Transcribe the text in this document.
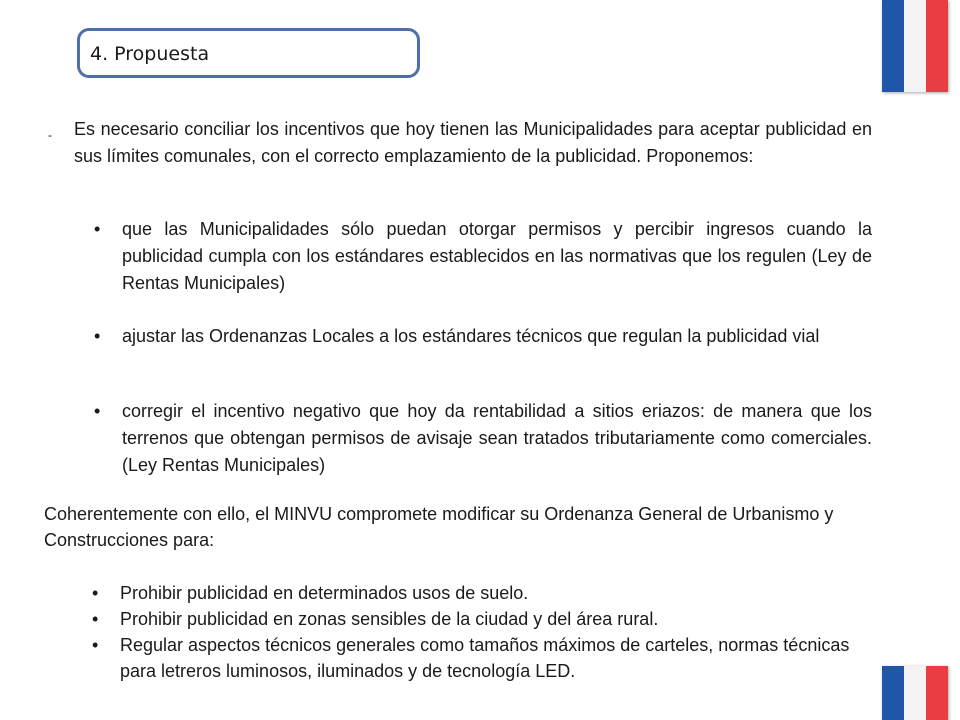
4. Propuesta
- Es necesario conciliar los incentivos que hoy tienen las Municipalidades para aceptar publicidad en sus límites comunales, con el correcto emplazamiento de la publicidad. Proponemos:

• que las Municipalidades sólo puedan otorgar permisos y percibir ingresos cuando la publicidad cumpla con los estándares establecidos en las normativas que los regulen (Ley de Rentas Municipales)

• ajustar las Ordenanzas Locales a los estándares técnicos que regulan la publicidad vial

• corregir el incentivo negativo que hoy da rentabilidad a sitios eriazos: de manera que los terrenos que obtengan permisos de avisaje sean tratados tributariamente como comerciales. (Ley Rentas Municipales)

Coherentemente con ello, el MINVU compromete modificar su Ordenanza General de Urbanismo y Construcciones para:

• Prohibir publicidad en determinados usos de suelo.

• Prohibir publicidad en zonas sensibles de la ciudad y del área rural.

• Regular aspectos técnicos generales como tamaños máximos de carteles, normas técnicas para letreros luminosos, iluminados y de tecnología LED.
